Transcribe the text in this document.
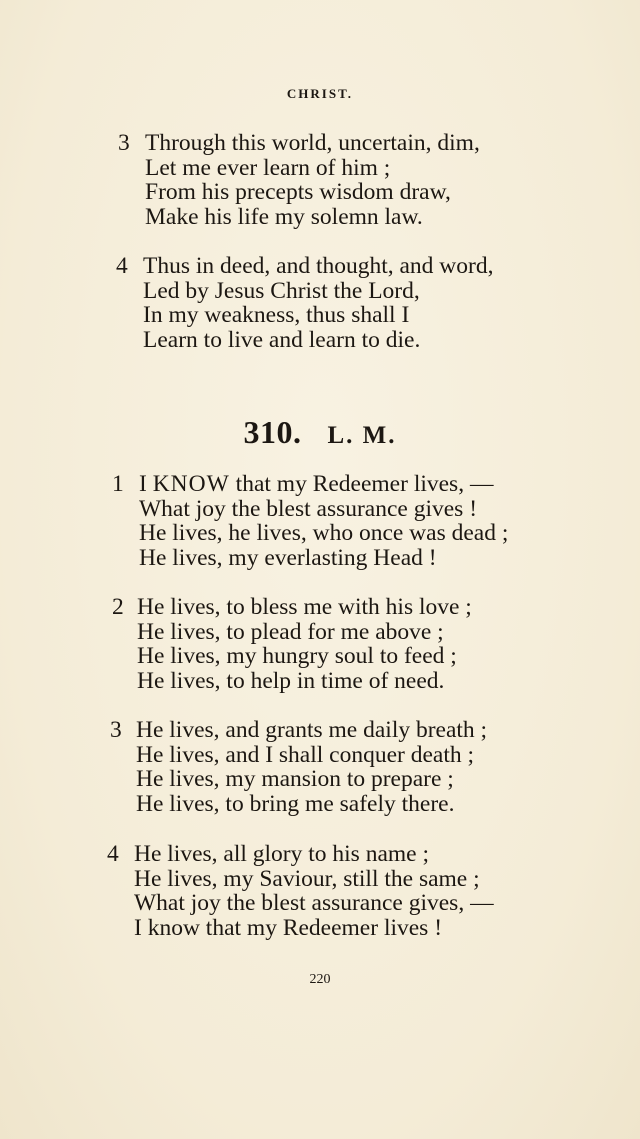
CHRIST.
3 Through this world, uncertain, dim,
Let me ever learn of him ;
From his precepts wisdom draw,
Make his life my solemn law.
4 Thus in deed, and thought, and word,
Led by Jesus Christ the Lord,
In my weakness, thus shall I
Learn to live and learn to die.
310. L. M.
1 I KNOW that my Redeemer lives, —
What joy the blest assurance gives !
He lives, he lives, who once was dead ;
He lives, my everlasting Head !
2 He lives, to bless me with his love ;
He lives, to plead for me above ;
He lives, my hungry soul to feed ;
He lives, to help in time of need.
3 He lives, and grants me daily breath ;
He lives, and I shall conquer death ;
He lives, my mansion to prepare ;
He lives, to bring me safely there.
4 He lives, all glory to his name ;
He lives, my Saviour, still the same ;
What joy the blest assurance gives, —
I know that my Redeemer lives !
220
